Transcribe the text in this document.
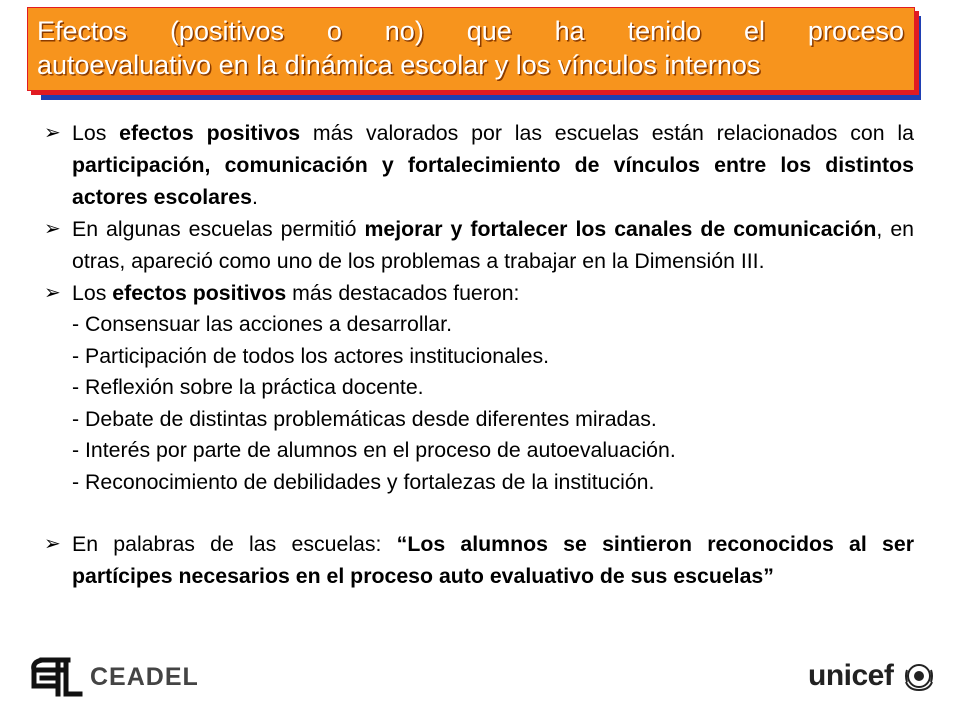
Efectos (positivos o no) que ha tenido el proceso
autoevaluativo en la dinámica escolar y los vínculos internos
➢ Los efectos positivos más valorados por las escuelas están relacionados con la participación, comunicación y fortalecimiento de vínculos entre los distintos actores escolares.
➢ En algunas escuelas permitió mejorar y fortalecer los canales de comunicación, en otras, apareció como uno de los problemas a trabajar en la Dimensión III.
➢ Los efectos positivos más destacados fueron:
- Consensuar las acciones a desarrollar.
- Participación de todos los actores institucionales.
- Reflexión sobre la práctica docente.
- Debate de distintas problemáticas desde diferentes miradas.
- Interés por parte de alumnos en el proceso de autoevaluación.
- Reconocimiento de debilidades y fortalezas de la institución.
➢ En palabras de las escuelas: “Los alumnos se sintieron reconocidos al ser partícipes necesarios en el proceso auto evaluativo de sus escuelas”
CEADEL	unicef
